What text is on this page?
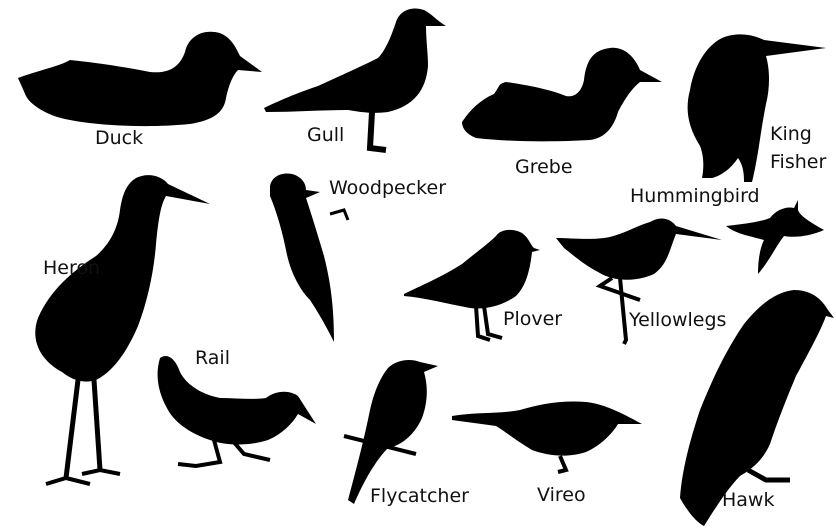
Duck	Gull
Grebe
King
Fisher
Heron
Woodpecker	Hummingbird
Plover	Yellowlegs
Rail
Flycatcher	Vireo	Hawk
